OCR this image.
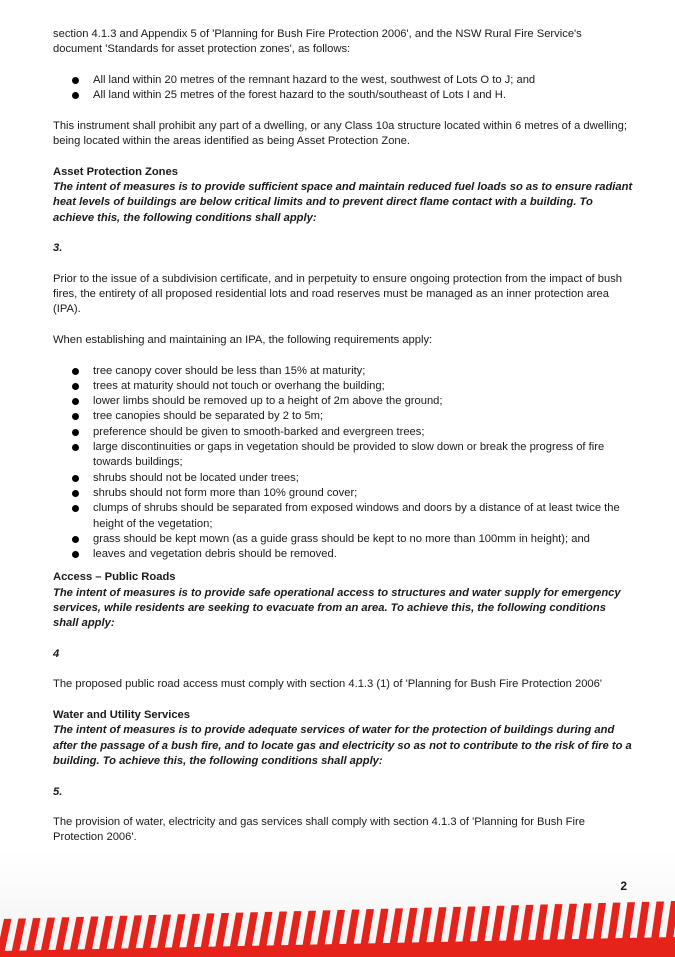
section 4.1.3 and Appendix 5 of 'Planning for Bush Fire Protection 2006', and the NSW Rural Fire Service's document 'Standards for asset protection zones', as follows:

All land within 20 metres of the remnant hazard to the west, southwest of Lots O to J; and
All land within 25 metres of the forest hazard to the south/southeast of Lots I and H.

This instrument shall prohibit any part of a dwelling, or any Class 10a structure located within 6 metres of a dwelling; being located within the areas identified as being Asset Protection Zone.

Asset Protection Zones

The intent of measures is to provide sufficient space and maintain reduced fuel loads so as to ensure radiant heat levels of buildings are below critical limits and to prevent direct flame contact with a building. To achieve this, the following conditions shall apply:

3.

Prior to the issue of a subdivision certificate, and in perpetuity to ensure ongoing protection from the impact of bush fires, the entirety of all proposed residential lots and road reserves must be managed as an inner protection area (IPA).

When establishing and maintaining an IPA, the following requirements apply:

tree canopy cover should be less than 15% at maturity;
trees at maturity should not touch or overhang the building;
lower limbs should be removed up to a height of 2m above the ground;
tree canopies should be separated by 2 to 5m;
preference should be given to smooth-barked and evergreen trees;
large discontinuities or gaps in vegetation should be provided to slow down or break the progress of fire towards buildings;
shrubs should not be located under trees;
shrubs should not form more than 10% ground cover;
clumps of shrubs should be separated from exposed windows and doors by a distance of at least twice the height of the vegetation;
grass should be kept mown (as a guide grass should be kept to no more than 100mm in height); and
leaves and vegetation debris should be removed.

Access – Public Roads

The intent of measures is to provide safe operational access to structures and water supply for emergency services, while residents are seeking to evacuate from an area. To achieve this, the following conditions shall apply:

4

The proposed public road access must comply with section 4.1.3 (1) of 'Planning for Bush Fire Protection 2006'

Water and Utility Services

The intent of measures is to provide adequate services of water for the protection of buildings during and after the passage of a bush fire, and to locate gas and electricity so as not to contribute to the risk of fire to a building. To achieve this, the following conditions shall apply:

5.

The provision of water, electricity and gas services shall comply with section 4.1.3 of 'Planning for Bush Fire Protection 2006'.

2
